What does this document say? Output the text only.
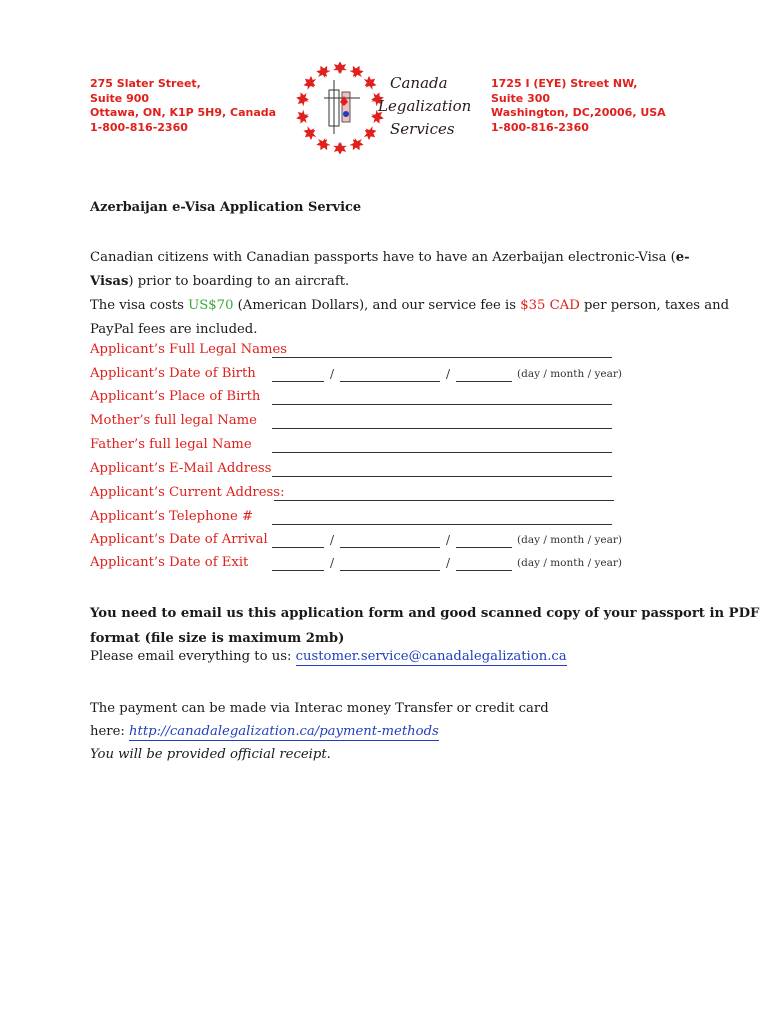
275 Slater Street,
Suite 900
Ottawa, ON, K1P 5H9, Canada
1-800-816-2360
1725 I (EYE) Street NW,
Suite 300
Washington, DC,20006, USA
1-800-816-2360
Canada
Legalization
Services
Azerbaijan e-Visa Application Service
Canadian citizens with Canadian passports have to have an Azerbaijan electronic-Visa (e-
Visas) prior to boarding to an aircraft.
The visa costs US$70 (American Dollars), and our service fee is $35 CAD per person, taxes and
PayPal fees are included.
Applicant’s Full Legal Names
Applicant’s Date of Birth	/	/	(day / month / year)
Applicant’s Place of Birth
Mother’s full legal Name
Father’s full legal Name
Applicant’s E-Mail Address
Applicant’s Current Address:
Applicant’s Telephone #
Applicant’s Date of Arrival	/	/	(day / month / year)
Applicant’s Date of Exit	/	/	(day / month / year)
You need to email us this application form and good scanned copy of your passport in PDF
format (file size is maximum 2mb)
Please email everything to us: customer.service@canadalegalization.ca
The payment can be made via Interac money Transfer or credit card
here: http://canadalegalization.ca/payment-methods
You will be provided official receipt.
